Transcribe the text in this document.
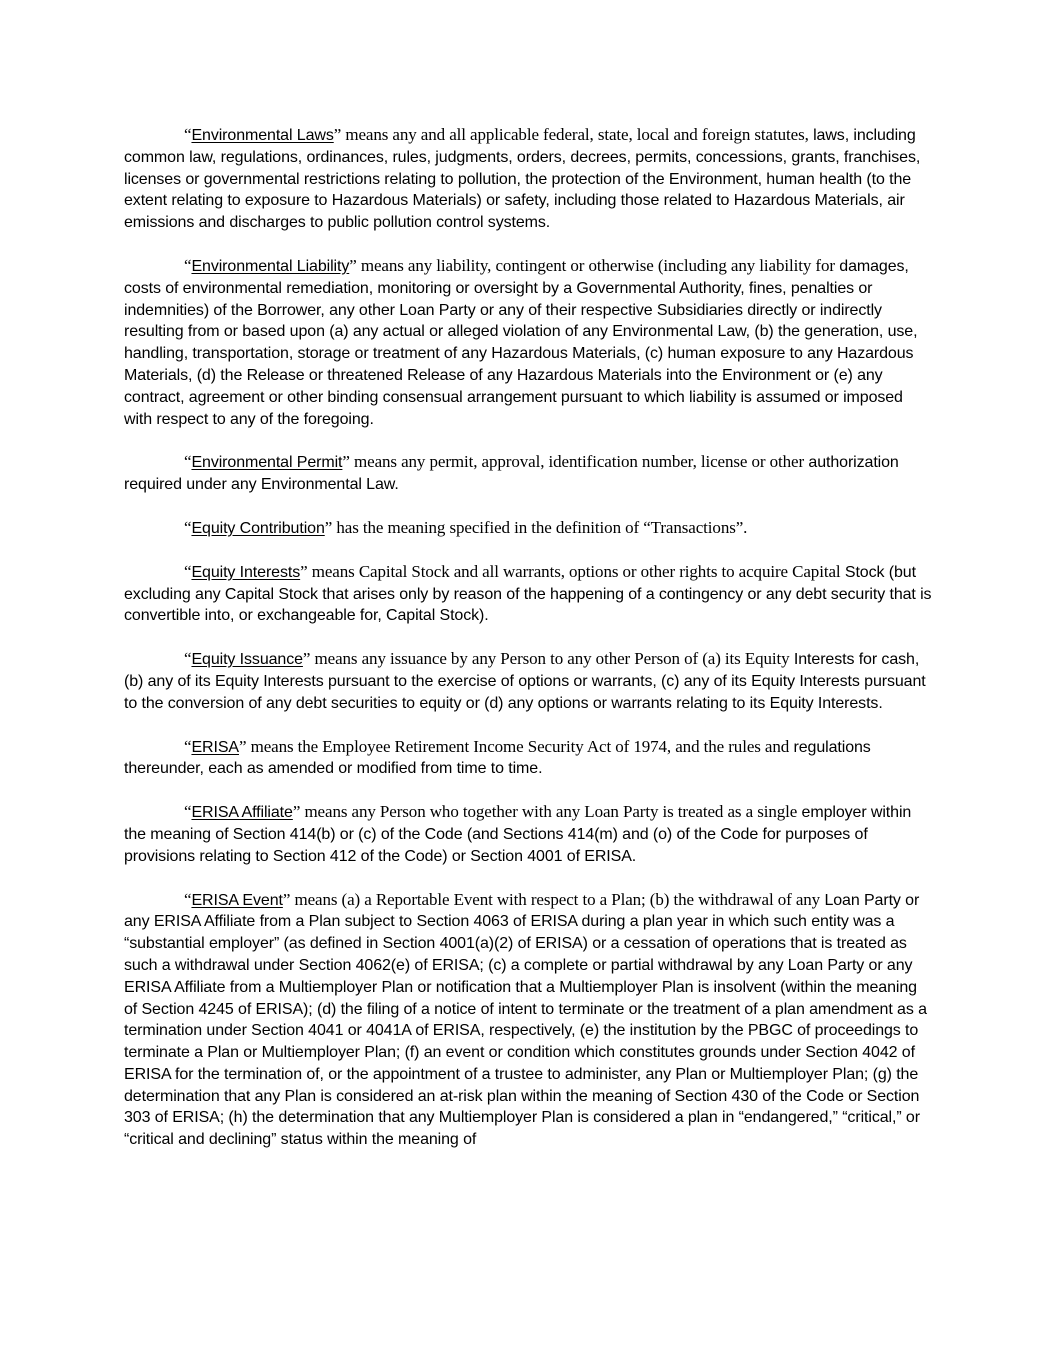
“Environmental Laws” means any and all applicable federal, state, local and foreign statutes, laws, including common law, regulations, ordinances, rules, judgments, orders, decrees, permits, concessions, grants, franchises, licenses or governmental restrictions relating to pollution, the protection of the Environment, human health (to the extent relating to exposure to Hazardous Materials) or safety, including those related to Hazardous Materials, air emissions and discharges to public pollution control systems.

“Environmental Liability” means any liability, contingent or otherwise (including any liability for damages, costs of environmental remediation, monitoring or oversight by a Governmental Authority, fines, penalties or indemnities) of the Borrower, any other Loan Party or any of their respective Subsidiaries directly or indirectly resulting from or based upon (a) any actual or alleged violation of any Environmental Law, (b) the generation, use, handling, transportation, storage or treatment of any Hazardous Materials, (c) human exposure to any Hazardous Materials, (d) the Release or threatened Release of any Hazardous Materials into the Environment or (e) any contract, agreement or other binding consensual arrangement pursuant to which liability is assumed or imposed with respect to any of the foregoing.

“Environmental Permit” means any permit, approval, identification number, license or other authorization required under any Environmental Law.

“Equity Contribution” has the meaning specified in the definition of “Transactions”.

“Equity Interests” means Capital Stock and all warrants, options or other rights to acquire Capital Stock (but excluding any Capital Stock that arises only by reason of the happening of a contingency or any debt security that is convertible into, or exchangeable for, Capital Stock).

“Equity Issuance” means any issuance by any Person to any other Person of (a) its Equity Interests for cash, (b) any of its Equity Interests pursuant to the exercise of options or warrants, (c) any of its Equity Interests pursuant to the conversion of any debt securities to equity or (d) any options or warrants relating to its Equity Interests.

“ERISA” means the Employee Retirement Income Security Act of 1974, and the rules and regulations thereunder, each as amended or modified from time to time.

“ERISA Affiliate” means any Person who together with any Loan Party is treated as a single employer within the meaning of Section 414(b) or (c) of the Code (and Sections 414(m) and (o) of the Code for purposes of provisions relating to Section 412 of the Code) or Section 4001 of ERISA.

“ERISA Event” means (a) a Reportable Event with respect to a Plan; (b) the withdrawal of any Loan Party or any ERISA Affiliate from a Plan subject to Section 4063 of ERISA during a plan year in which such entity was a “substantial employer” (as defined in Section 4001(a)(2) of ERISA) or a cessation of operations that is treated as such a withdrawal under Section 4062(e) of ERISA; (c) a complete or partial withdrawal by any Loan Party or any ERISA Affiliate from a Multiemployer Plan or notification that a Multiemployer Plan is insolvent (within the meaning of Section 4245 of ERISA); (d) the filing of a notice of intent to terminate or the treatment of a plan amendment as a termination under Section 4041 or 4041A of ERISA, respectively, (e) the institution by the PBGC of proceedings to terminate a Plan or Multiemployer Plan; (f) an event or condition which constitutes grounds under Section 4042 of ERISA for the termination of, or the appointment of a trustee to administer, any Plan or Multiemployer Plan; (g) the determination that any Plan is considered an at-risk plan within the meaning of Section 430 of the Code or Section 303 of ERISA; (h) the determination that any Multiemployer Plan is considered a plan in “endangered,” “critical,” or “critical and declining” status within the meaning of
